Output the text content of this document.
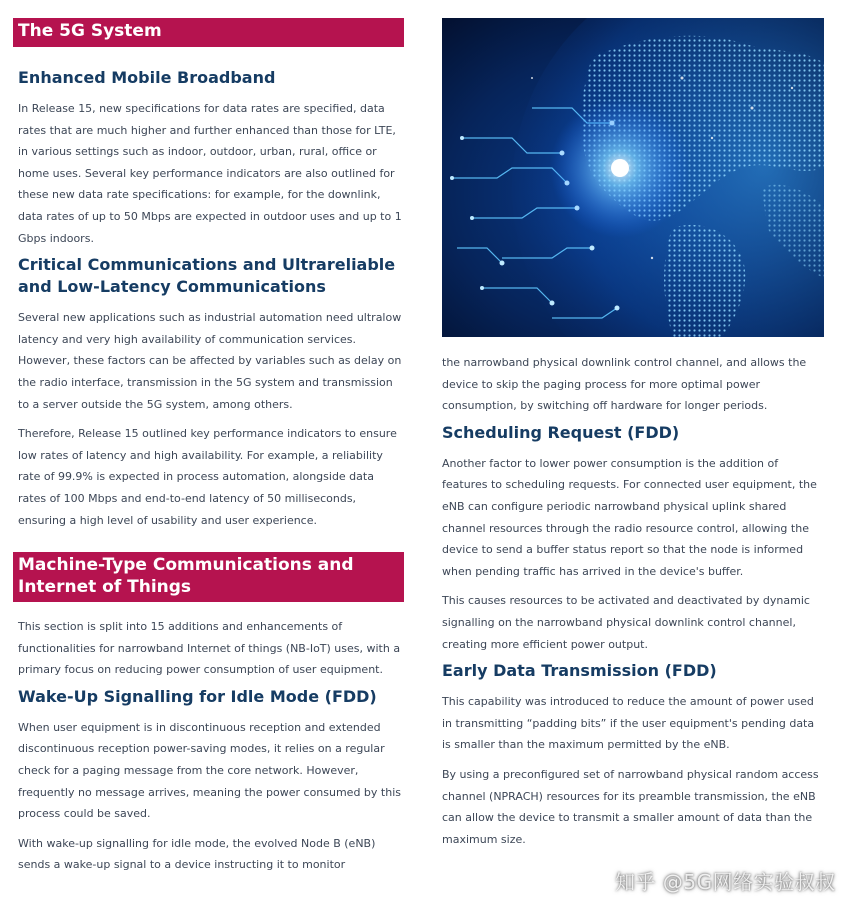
The 5G System
Enhanced Mobile Broadband

In Release 15, new specifications for data rates are specified, data rates that are much higher and further enhanced than those for LTE, in various settings such as indoor, outdoor, urban, rural, office or home uses. Several key performance indicators are also outlined for these new data rate specifications: for example, for the downlink, data rates of up to 50 Mbps are expected in outdoor uses and up to 1 Gbps indoors.

Critical Communications and Ultrareliable and Low-Latency Communications

Several new applications such as industrial automation need ultralow latency and very high availability of communication services. However, these factors can be affected by variables such as delay on the radio interface, transmission in the 5G system and transmission to a server outside the 5G system, among others.

Therefore, Release 15 outlined key performance indicators to ensure low rates of latency and high availability. For example, a reliability rate of 99.9% is expected in process automation, alongside data rates of 100 Mbps and end-to-end latency of 50 milliseconds, ensuring a high level of usability and user experience.

Machine-Type Communications and Internet of Things

This section is split into 15 additions and enhancements of functionalities for narrowband Internet of things (NB-IoT) uses, with a primary focus on reducing power consumption of user equipment.

Wake-Up Signalling for Idle Mode (FDD)

When user equipment is in discontinuous reception and extended discontinuous reception power-saving modes, it relies on a regular check for a paging message from the core network. However, frequently no message arrives, meaning the power consumed by this process could be saved.

With wake-up signalling for idle mode, the evolved Node B (eNB) sends a wake-up signal to a device instructing it to monitor

the narrowband physical downlink control channel, and allows the device to skip the paging process for more optimal power consumption, by switching off hardware for longer periods.

Scheduling Request (FDD)

Another factor to lower power consumption is the addition of features to scheduling requests. For connected user equipment, the eNB can configure periodic narrowband physical uplink shared channel resources through the radio resource control, allowing the device to send a buffer status report so that the node is informed when pending traffic has arrived in the device's buffer.

This causes resources to be activated and deactivated by dynamic signalling on the narrowband physical downlink control channel, creating more efficient power output.

Early Data Transmission (FDD)

This capability was introduced to reduce the amount of power used in transmitting “padding bits” if the user equipment's pending data is smaller than the maximum permitted by the eNB.

By using a preconfigured set of narrowband physical random access channel (NPRACH) resources for its preamble transmission, the eNB can allow the device to transmit a smaller amount of data than the maximum size.

知乎 @5G网络实验叔叔
